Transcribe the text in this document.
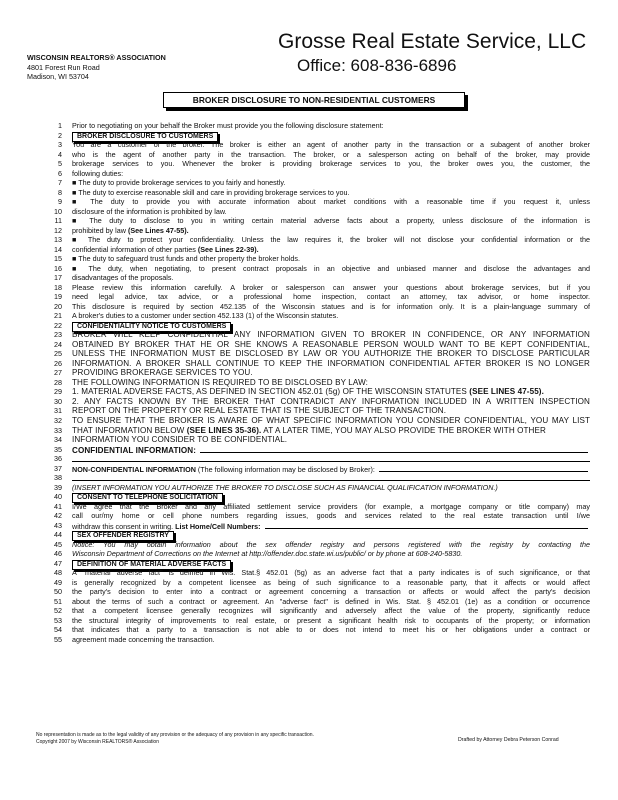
WISCONSIN REALTORS® ASSOCIATION
4801 Forest Run Road
Madison, WI 53704
Grosse Real Estate Service, LLC
Office: 608-836-6896
BROKER DISCLOSURE TO NON-RESIDENTIAL CUSTOMERS
1 Prior to negotiating on your behalf the Broker must provide you the following disclosure statement:
2 BROKER DISCLOSURE TO CUSTOMERS
3 You are a customer of the broker. The broker is either an agent of another party in the transaction or a subagent of another broker
4 who is the agent of another party in the transaction. The broker, or a salesperson acting on behalf of the broker, may provide
5 brokerage services to you. Whenever the broker is providing brokerage services to you, the broker owes you, the customer, the
6 following duties:
7 ■ The duty to provide brokerage services to you fairly and honestly.
8 ■ The duty to exercise reasonable skill and care in providing brokerage services to you.
9 ■ The duty to provide you with accurate information about market conditions with a reasonable time if you request it, unless
10 disclosure of the information is prohibited by law.
11 ■ The duty to disclose to you in writing certain material adverse facts about a property, unless disclosure of the information is
12 prohibited by law (See Lines 47-55).
13 ■ The duty to protect your confidentiality. Unless the law requires it, the broker will not disclose your confidential information or the
14 confidential information of other parties (See Lines 22-39).
15 ■ The duty to safeguard trust funds and other property the broker holds.
16 ■ The duty, when negotiating, to present contract proposals in an objective and unbiased manner and disclose the advantages and
17 disadvantages of the proposals.
18 Please review this information carefully. A broker or salesperson can answer your questions about brokerage services, but if you
19 need legal advice, tax advice, or a professional home inspection, contact an attorney, tax advisor, or home inspector.
20 This disclosure is required by section 452.135 of the Wisconsin statues and is for information only. It is a plain-language summary of
21 A broker's duties to a customer under section 452.133 (1) of the Wisconsin statutes.
22 CONFIDENTIALITY NOTICE TO CUSTOMERS
23 BROKER WILL KEEP CONFIDENTIAL ANY INFORMATION GIVEN TO BROKER IN CONFIDENCE, OR ANY INFORMATION
24 OBTAINED BY BROKER THAT HE OR SHE KNOWS A REASONABLE PERSON WOULD WANT TO BE KEPT CONFIDENTIAL,
25 UNLESS THE INFORMATION MUST BE DISCLOSED BY LAW OR YOU AUTHORIZE THE BROKER TO DISCLOSE PARTICULAR
26 INFORMATION. A BROKER SHALL CONTINUE TO KEEP THE INFORMATION CONFIDENTIAL AFTER BROKER IS NO LONGER
27 PROVIDING BROKERAGE SERVICES TO YOU.
28 THE FOLLOWING INFORMATION IS REQUIRED TO BE DISCLOSED BY LAW:
29 1. MATERIAL ADVERSE FACTS, AS DEFINED IN SECTION 452.01 (5g) OF THE WISCONSIN STATUTES (SEE LINES 47-55).
30 2. ANY FACTS KNOWN BY THE BROKER THAT CONTRADICT ANY INFORMATION INCLUDED IN A WRITTEN INSPECTION
31 REPORT ON THE PROPERTY OR REAL ESTATE THAT IS THE SUBJECT OF THE TRANSACTION.
32 TO ENSURE THAT THE BROKER IS AWARE OF WHAT SPECIFIC INFORMATION YOU CONSIDER CONFIDENTIAL, YOU MAY LIST
33 THAT INFORMATION BELOW (SEE LINES 35-36). AT A LATER TIME, YOU MAY ALSO PROVIDE THE BROKER WITH OTHER
34 INFORMATION YOU CONSIDER TO BE CONFIDENTIAL.
35 CONFIDENTIAL INFORMATION:
36
37 NON-CONFIDENTIAL INFORMATION (The following information may be disclosed by Broker):
38
39 (INSERT INFORMATION YOU AUTHORIZE THE BROKER TO DISCLOSE SUCH AS FINANCIAL QUALIFICATION INFORMATION.)
40 CONSENT TO TELEPHONE SOLICITATION
41 I/We agree that the Broker and any affiliated settlement service providers (for example, a mortgage company or title company) may
42 call our/my home or cell phone numbers regarding issues, goods and services related to the real estate transaction until I/we
43 withdraw this consent in writing. List Home/Cell Numbers:
44 SEX OFFENDER REGISTRY
45 Notice: You may obtain information about the sex offender registry and persons registered with the registry by contacting the
46 Wisconsin Department of Corrections on the Internet at http://offender.doc.state.wi.us/public/ or by phone at 608-240-5830.
47 DEFINITION OF MATERIAL ADVERSE FACTS
48 A "material adverse fact" is defined in Wis. Stat.§ 452.01 (5g) as an adverse fact that a party indicates is of such significance, or that
49 is generally recognized by a competent licensee as being of such significance to a reasonable party, that it affects or would affect
50 the party's decision to enter into a contract or agreement concerning a transaction or affects or would affect the party's decision
51 about the terms of such a contract or agreement. An "adverse fact" is defined in Wis. Stat. § 452.01 (1e) as a condition or occurrence
52 that a competent licensee generally recognizes will significantly and adversely affect the value of the property, significantly reduce
53 the structural integrity of improvements to real estate, or present a significant health risk to occupants of the property; or information
54 that indicates that a party to a transaction is not able to or does not intend to meet his or her obligations under a contract or
55 agreement made concerning the transaction.
No representation is made as to the legal validity of any provision or the adequacy of any provision in any specific transaction.
Copyright 2007 by Wisconsin REALTORS® Association	Drafted by Attorney Debra Peterson Conrad
